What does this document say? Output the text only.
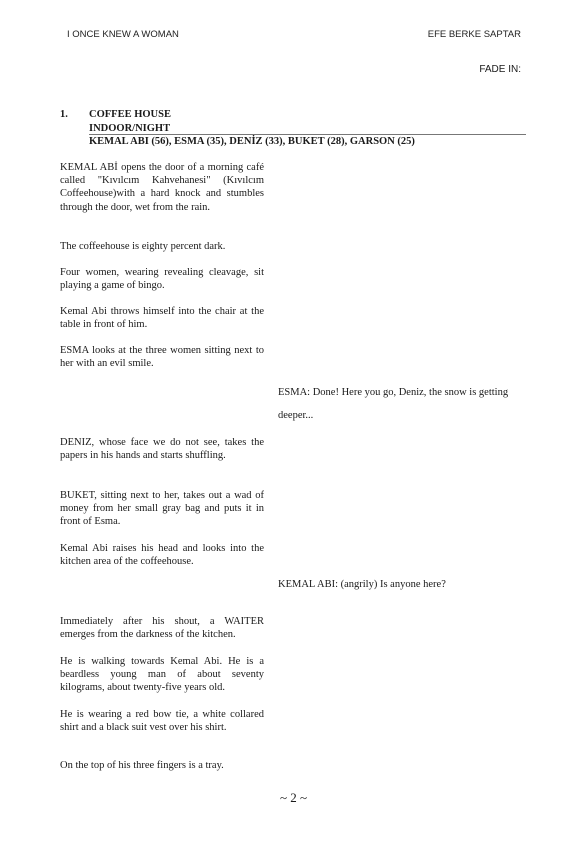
I ONCE KNEW A WOMAN	EFE BERKE SAPTAR
FADE IN:
1. COFFEE HOUSE
INDOOR/NIGHT
KEMAL ABI (56), ESMA (35), DENİZ (33), BUKET (28), GARSON (25)

KEMAL ABİ opens the door of a morning café called "Kıvılcım Kahvehanesi" (Kıvılcım Coffeehouse)with a hard knock and stumbles through the door, wet from the rain.

The coffeehouse is eighty percent dark.

Four women, wearing revealing cleavage, sit playing a game of bingo.

Kemal Abi throws himself into the chair at the table in front of him.

ESMA looks at the three women sitting next to her with an evil smile.

ESMA: Done! Here you go, Deniz, the snow is getting deeper...

DENIZ, whose face we do not see, takes the papers in his hands and starts shuffling.

BUKET, sitting next to her, takes out a wad of money from her small gray bag and puts it in front of Esma.

Kemal Abi raises his head and looks into the kitchen area of the coffeehouse.

KEMAL ABI: (angrily) Is anyone here?

Immediately after his shout, a WAITER emerges from the darkness of the kitchen.

He is walking towards Kemal Abi. He is a beardless young man of about seventy kilograms, about twenty-five years old.

He is wearing a red bow tie, a white collared shirt and a black suit vest over his shirt.

On the top of his three fingers is a tray.

~ 2 ~
